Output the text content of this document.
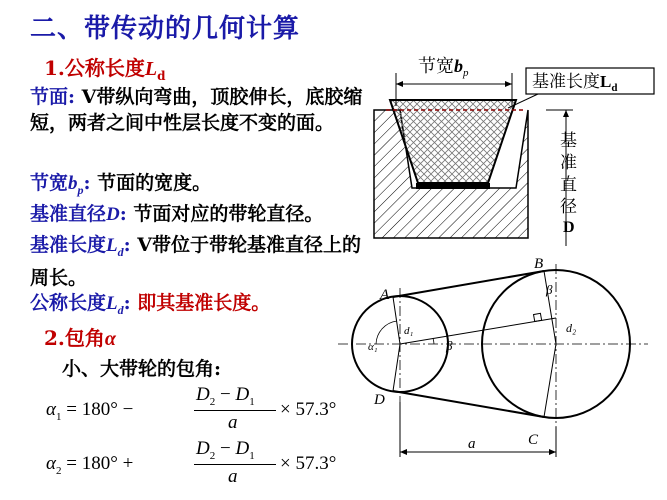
二、带传动的几何计算
1.公称长度$L_d$
节面: V带纵向弯曲，顶胶伸长，底胶缩短，两者之间中性层长度不变的面。
节宽$b_p$: 节面的宽度。
基准直径D: 节面对应的带轮直径。
基准长度$L_d$: V带位于带轮基准直径上的周长。
公称长度$L_d$: 即其基准长度。
2.包角α
小、大带轮的包角:
$\alpha_1 = 180^\circ$ −
$D_2 - D_1$
a
× 57.3°
$\alpha_2 = 180^\circ$ +
$D_2 - D_1$
a
× 57.3°
节宽$b_p$	基准长度$L_d$
基
准
直
径
D
A
B
C
D
a
β
β
α₁
d₁	d₂
